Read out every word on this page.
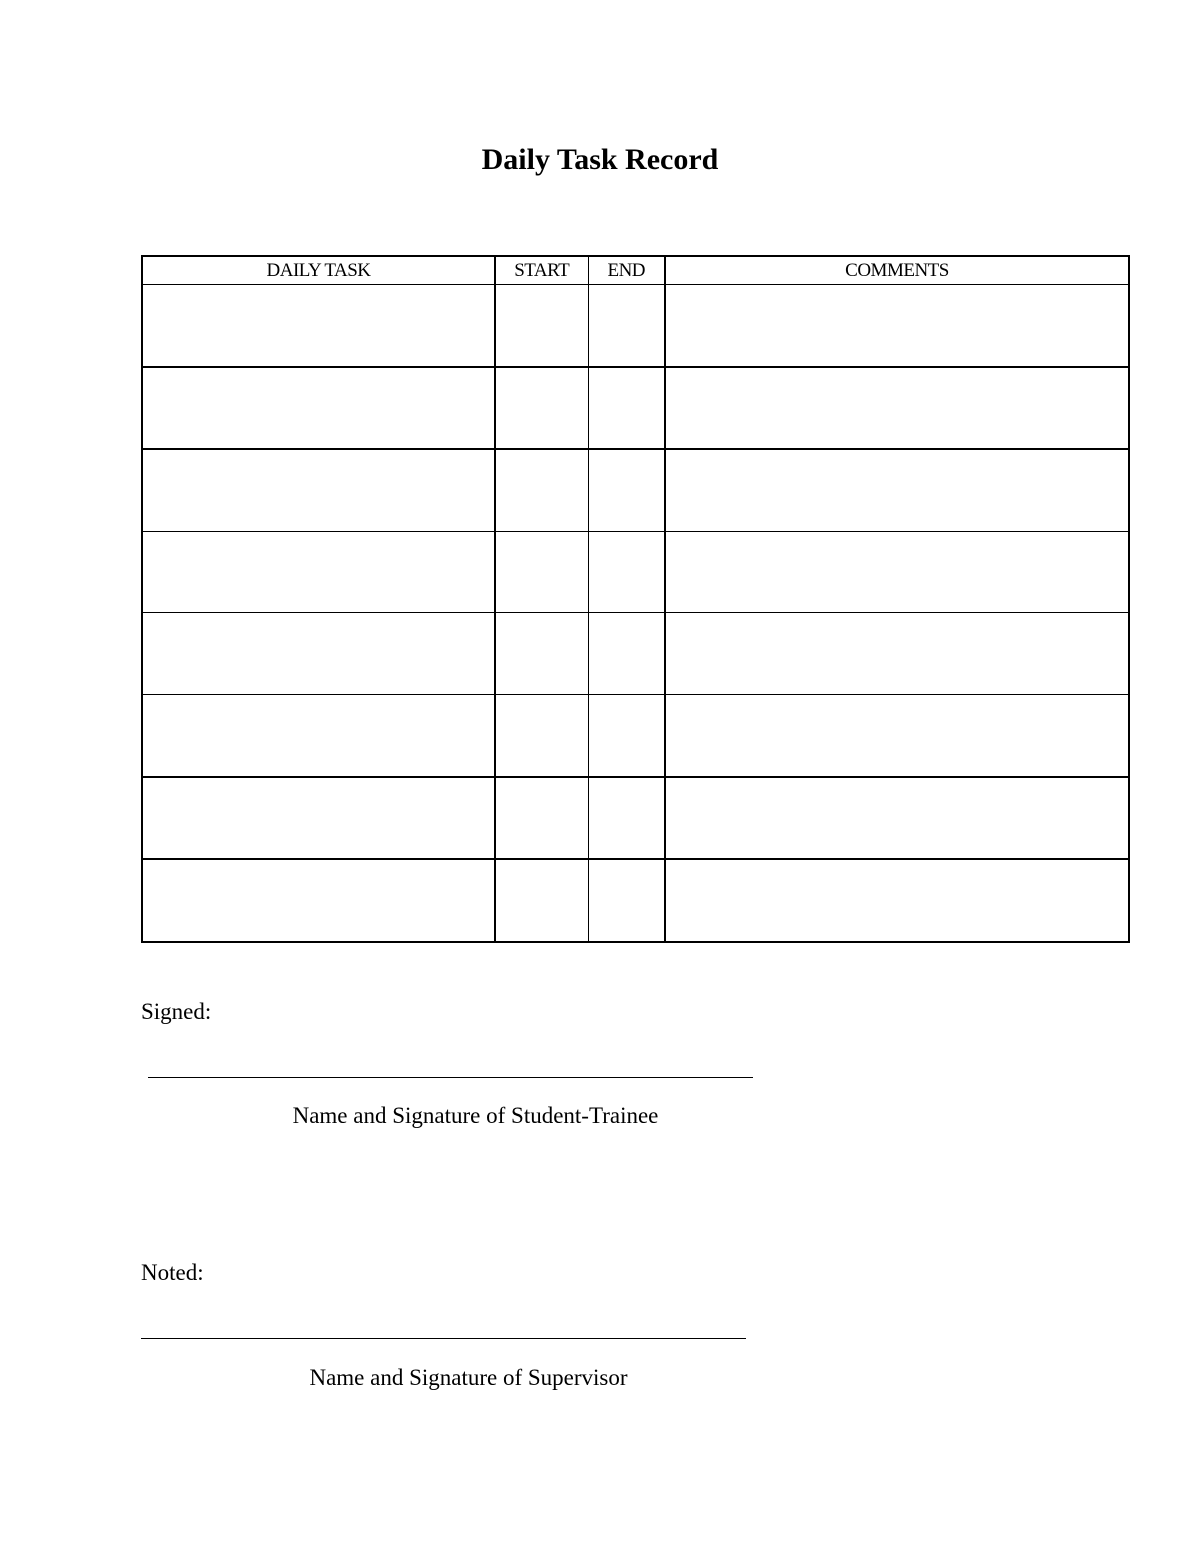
Daily Task Record
DAILY TASK	START	END	COMMENTS

Signed:
Name and Signature of Student-Trainee
Noted:
Name and Signature of Supervisor
